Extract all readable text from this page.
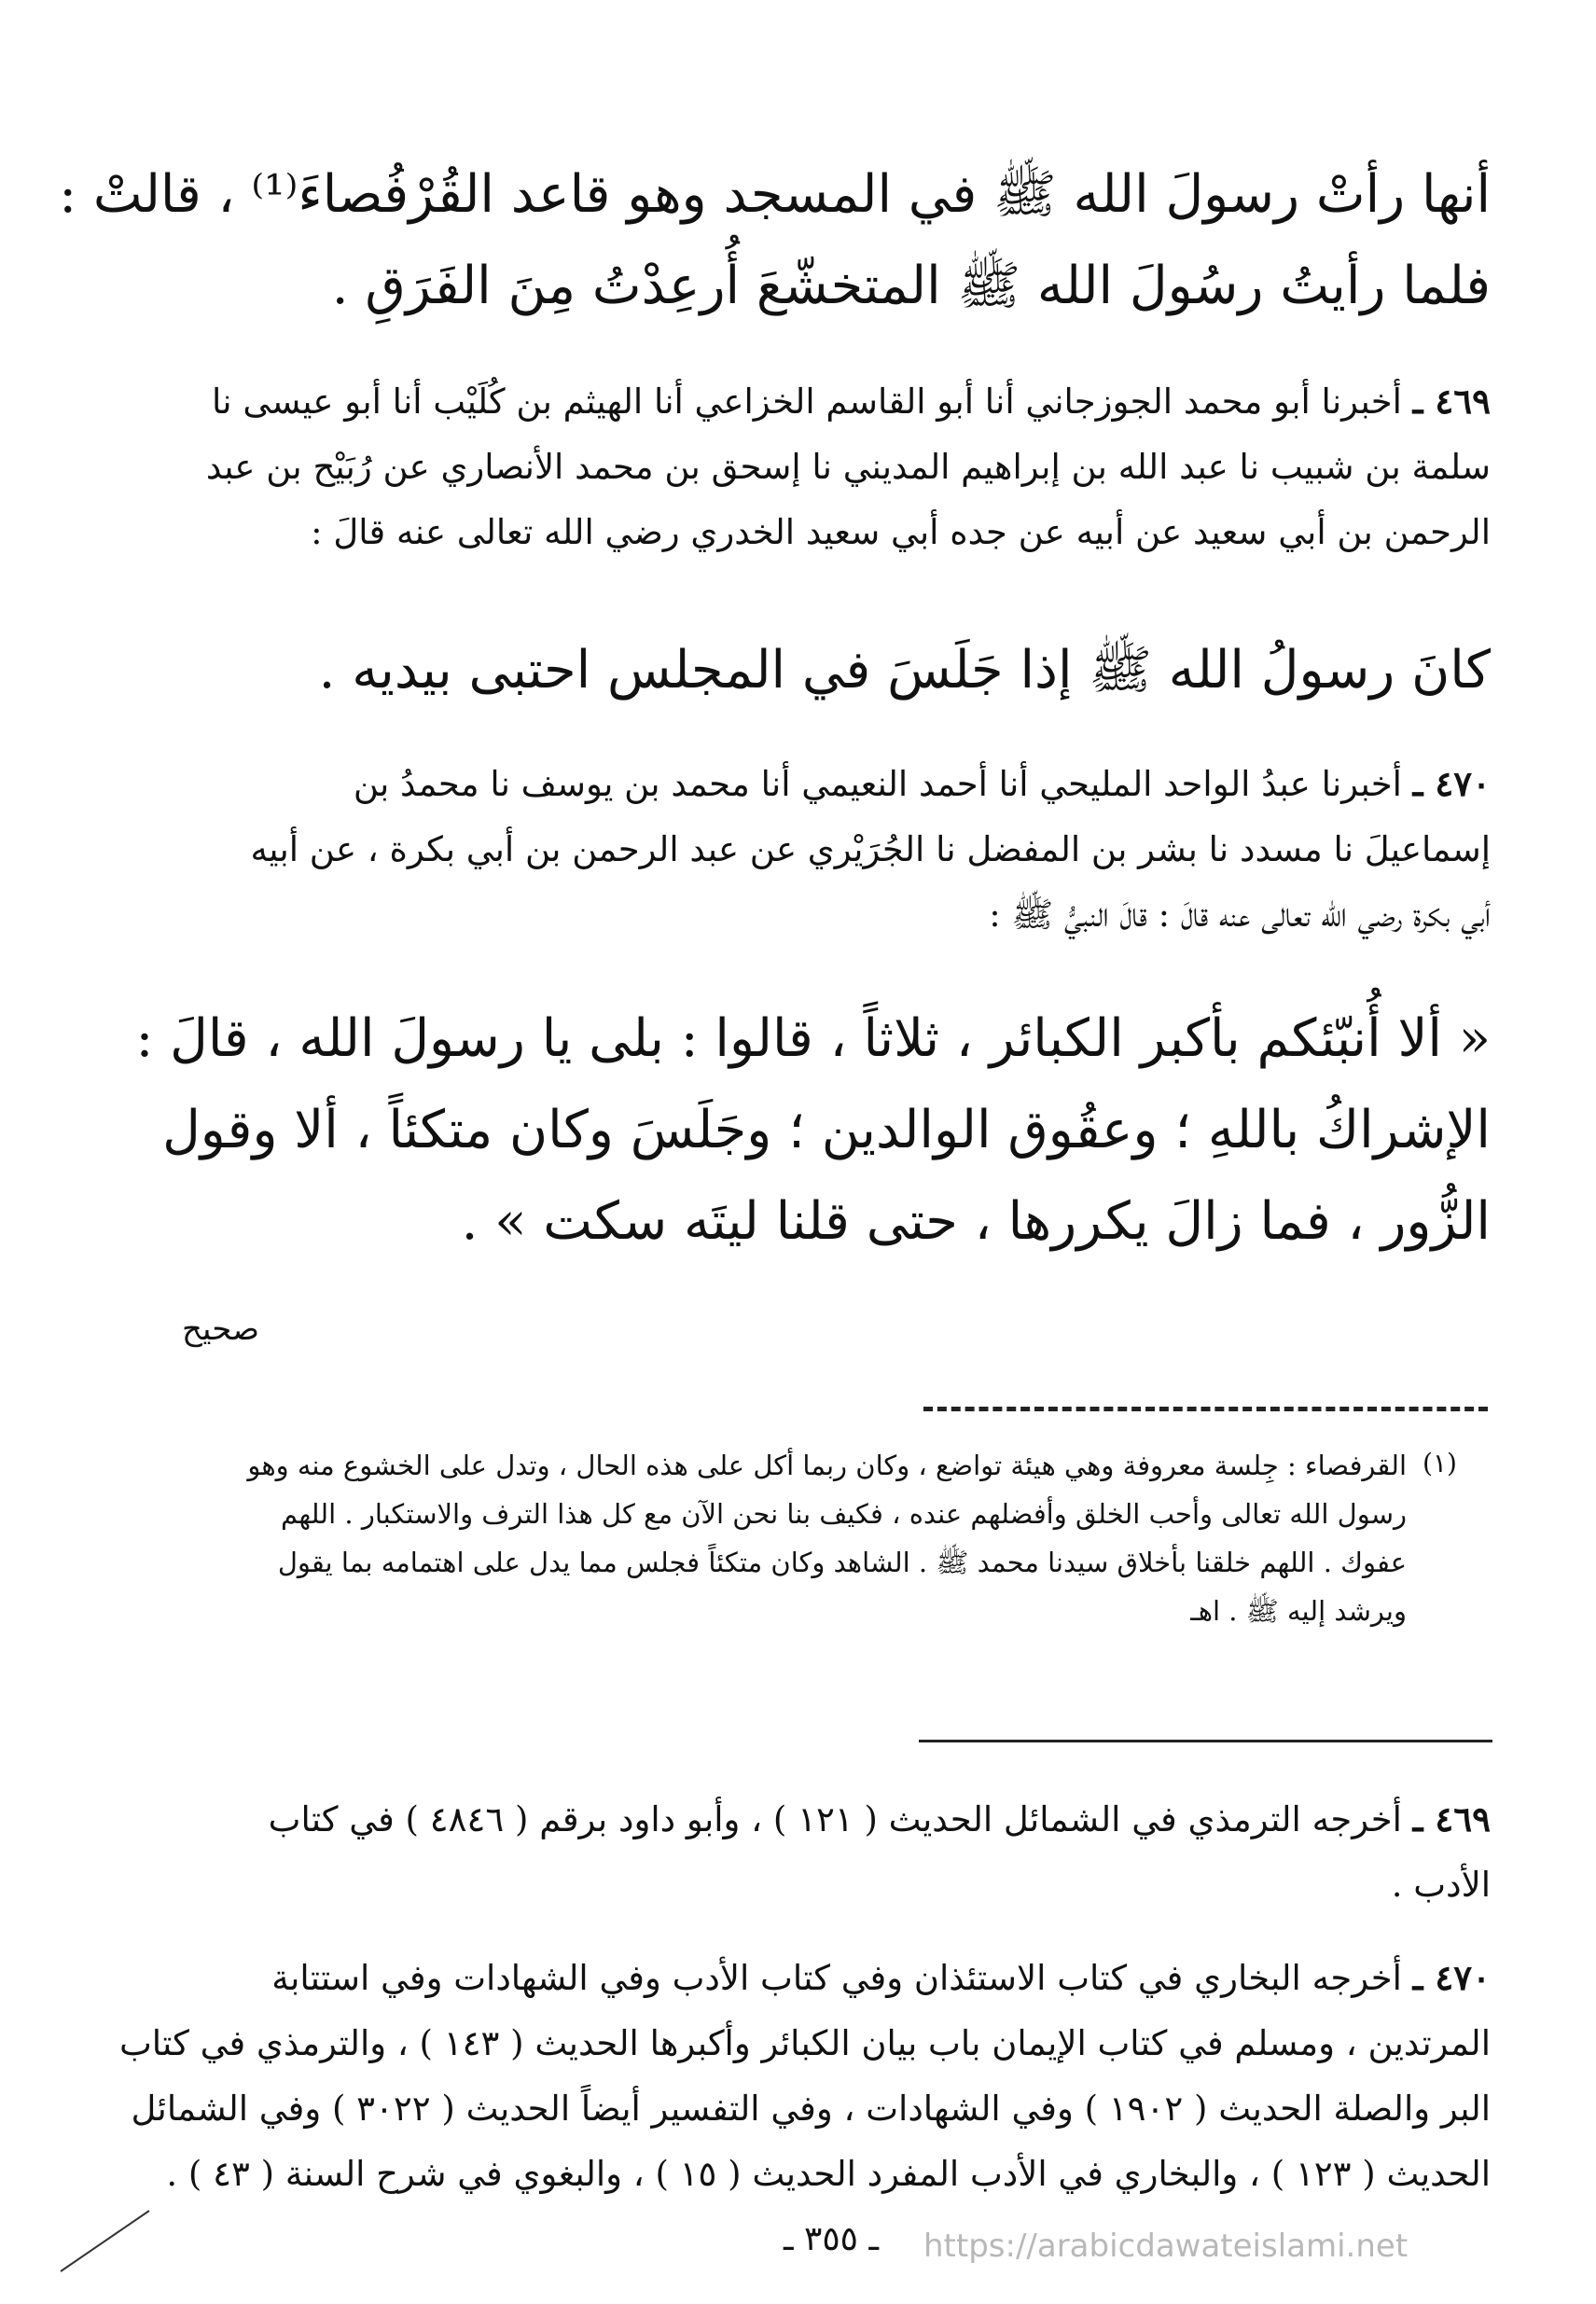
أنها رأتْ رسولَ الله ﷺ في المسجد وهو قاعد القُرْفُصاءَ⁽¹⁾ ، قالتْ :
فلما رأيتُ رسُولَ الله ﷺ المتخشّعَ أُرعِدْتُ مِنَ الفَرَقِ .
٤٦٩ ـ أخبرنا أبو محمد الجوزجاني أنا أبو القاسم الخزاعي أنا الهيثم بن كُلَيْب أنا أبو عيسى نا
سلمة بن شبيب نا عبد الله بن إبراهيم المديني نا إسحق بن محمد الأنصاري عن رُبَيْح بن عبد
الرحمن بن أبي سعيد عن أبيه عن جده أبي سعيد الخدري رضي الله تعالى عنه قالَ :
كانَ رسولُ الله ﷺ إذا جَلَسَ في المجلس احتبى بيديه .
٤٧٠ ـ أخبرنا عبدُ الواحد المليحي أنا أحمد النعيمي أنا محمد بن يوسف نا محمدُ بن
إسماعيلَ نا مسدد نا بشر بن المفضل نا الجُرَيْري عن عبد الرحمن بن أبي بكرة ، عن أبيه
أبي بكرة رضي الله تعالى عنه قالَ : قالَ النبيُّ ﷺ :
« ألا أُنبّئكم بأكبر الكبائر ، ثلاثاً ، قالوا : بلى يا رسولَ الله ، قالَ :
الإشراكُ باللهِ ؛ وعقُوق الوالدين ؛ وجَلَسَ وكان متكئاً ، ألا وقول
الزُّور ، فما زالَ يكررها ، حتى قلنا ليتَه سكت » .
صحيح
(١)
القرفصاء : جِلسة معروفة وهي هيئة تواضع ، وكان ربما أكل على هذه الحال ، وتدل على الخشوع منه وهو
رسول الله تعالى وأحب الخلق وأفضلهم عنده ، فكيف بنا نحن الآن مع كل هذا الترف والاستكبار . اللهم
عفوك . اللهم خلقنا بأخلاق سيدنا محمد ﷺ . الشاهد وكان متكئاً فجلس مما يدل على اهتمامه بما يقول
ويرشد إليه ﷺ . اهـ
٤٦٩ ـ أخرجه الترمذي في الشمائل الحديث ( ١٢١ ) ، وأبو داود برقم ( ٤٨٤٦ ) في كتاب
الأدب .
٤٧٠ ـ أخرجه البخاري في كتاب الاستئذان وفي كتاب الأدب وفي الشهادات وفي استتابة
المرتدين ، ومسلم في كتاب الإيمان باب بيان الكبائر وأكبرها الحديث ( ١٤٣ ) ، والترمذي في كتاب
البر والصلة الحديث ( ١٩٠٢ ) وفي الشهادات ، وفي التفسير أيضاً الحديث ( ٣٠٢٢ ) وفي الشمائل
الحديث ( ١٢٣ ) ، والبخاري في الأدب المفرد الحديث ( ١٥ ) ، والبغوي في شرح السنة ( ٤٣ ) .
ـ ٣٥٥ ـ https://arabicdawateislami.net
